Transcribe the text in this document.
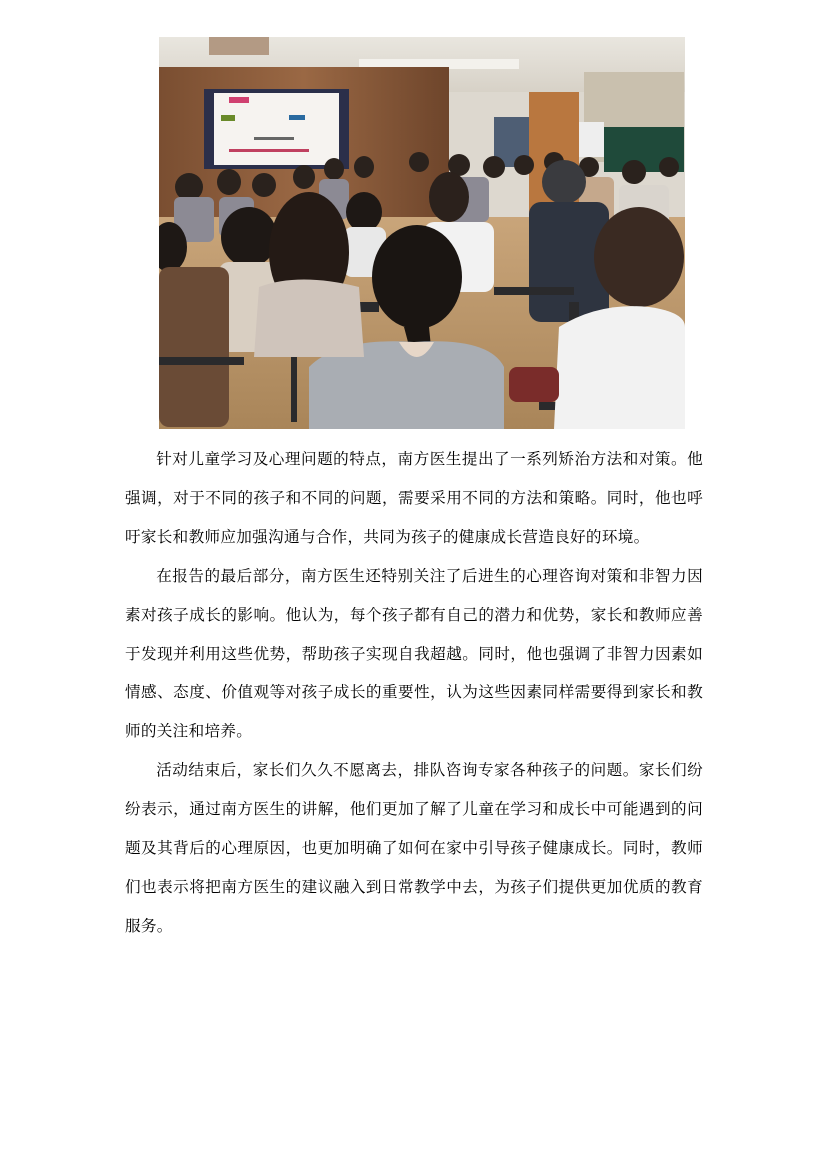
针对儿童学习及心理问题的特点，南方医生提出了一系列矫治方法和对策。他强调，对于不同的孩子和不同的问题，需要采用不同的方法和策略。同时，他也呼吁家长和教师应加强沟通与合作，共同为孩子的健康成长营造良好的环境。

在报告的最后部分，南方医生还特别关注了后进生的心理咨询对策和非智力因素对孩子成长的影响。他认为，每个孩子都有自己的潜力和优势，家长和教师应善于发现并利用这些优势，帮助孩子实现自我超越。同时，他也强调了非智力因素如情感、态度、价值观等对孩子成长的重要性，认为这些因素同样需要得到家长和教师的关注和培养。

活动结束后，家长们久久不愿离去，排队咨询专家各种孩子的问题。家长们纷纷表示，通过南方医生的讲解，他们更加了解了儿童在学习和成长中可能遇到的问题及其背后的心理原因，也更加明确了如何在家中引导孩子健康成长。同时，教师们也表示将把南方医生的建议融入到日常教学中去，为孩子们提供更加优质的教育服务。
